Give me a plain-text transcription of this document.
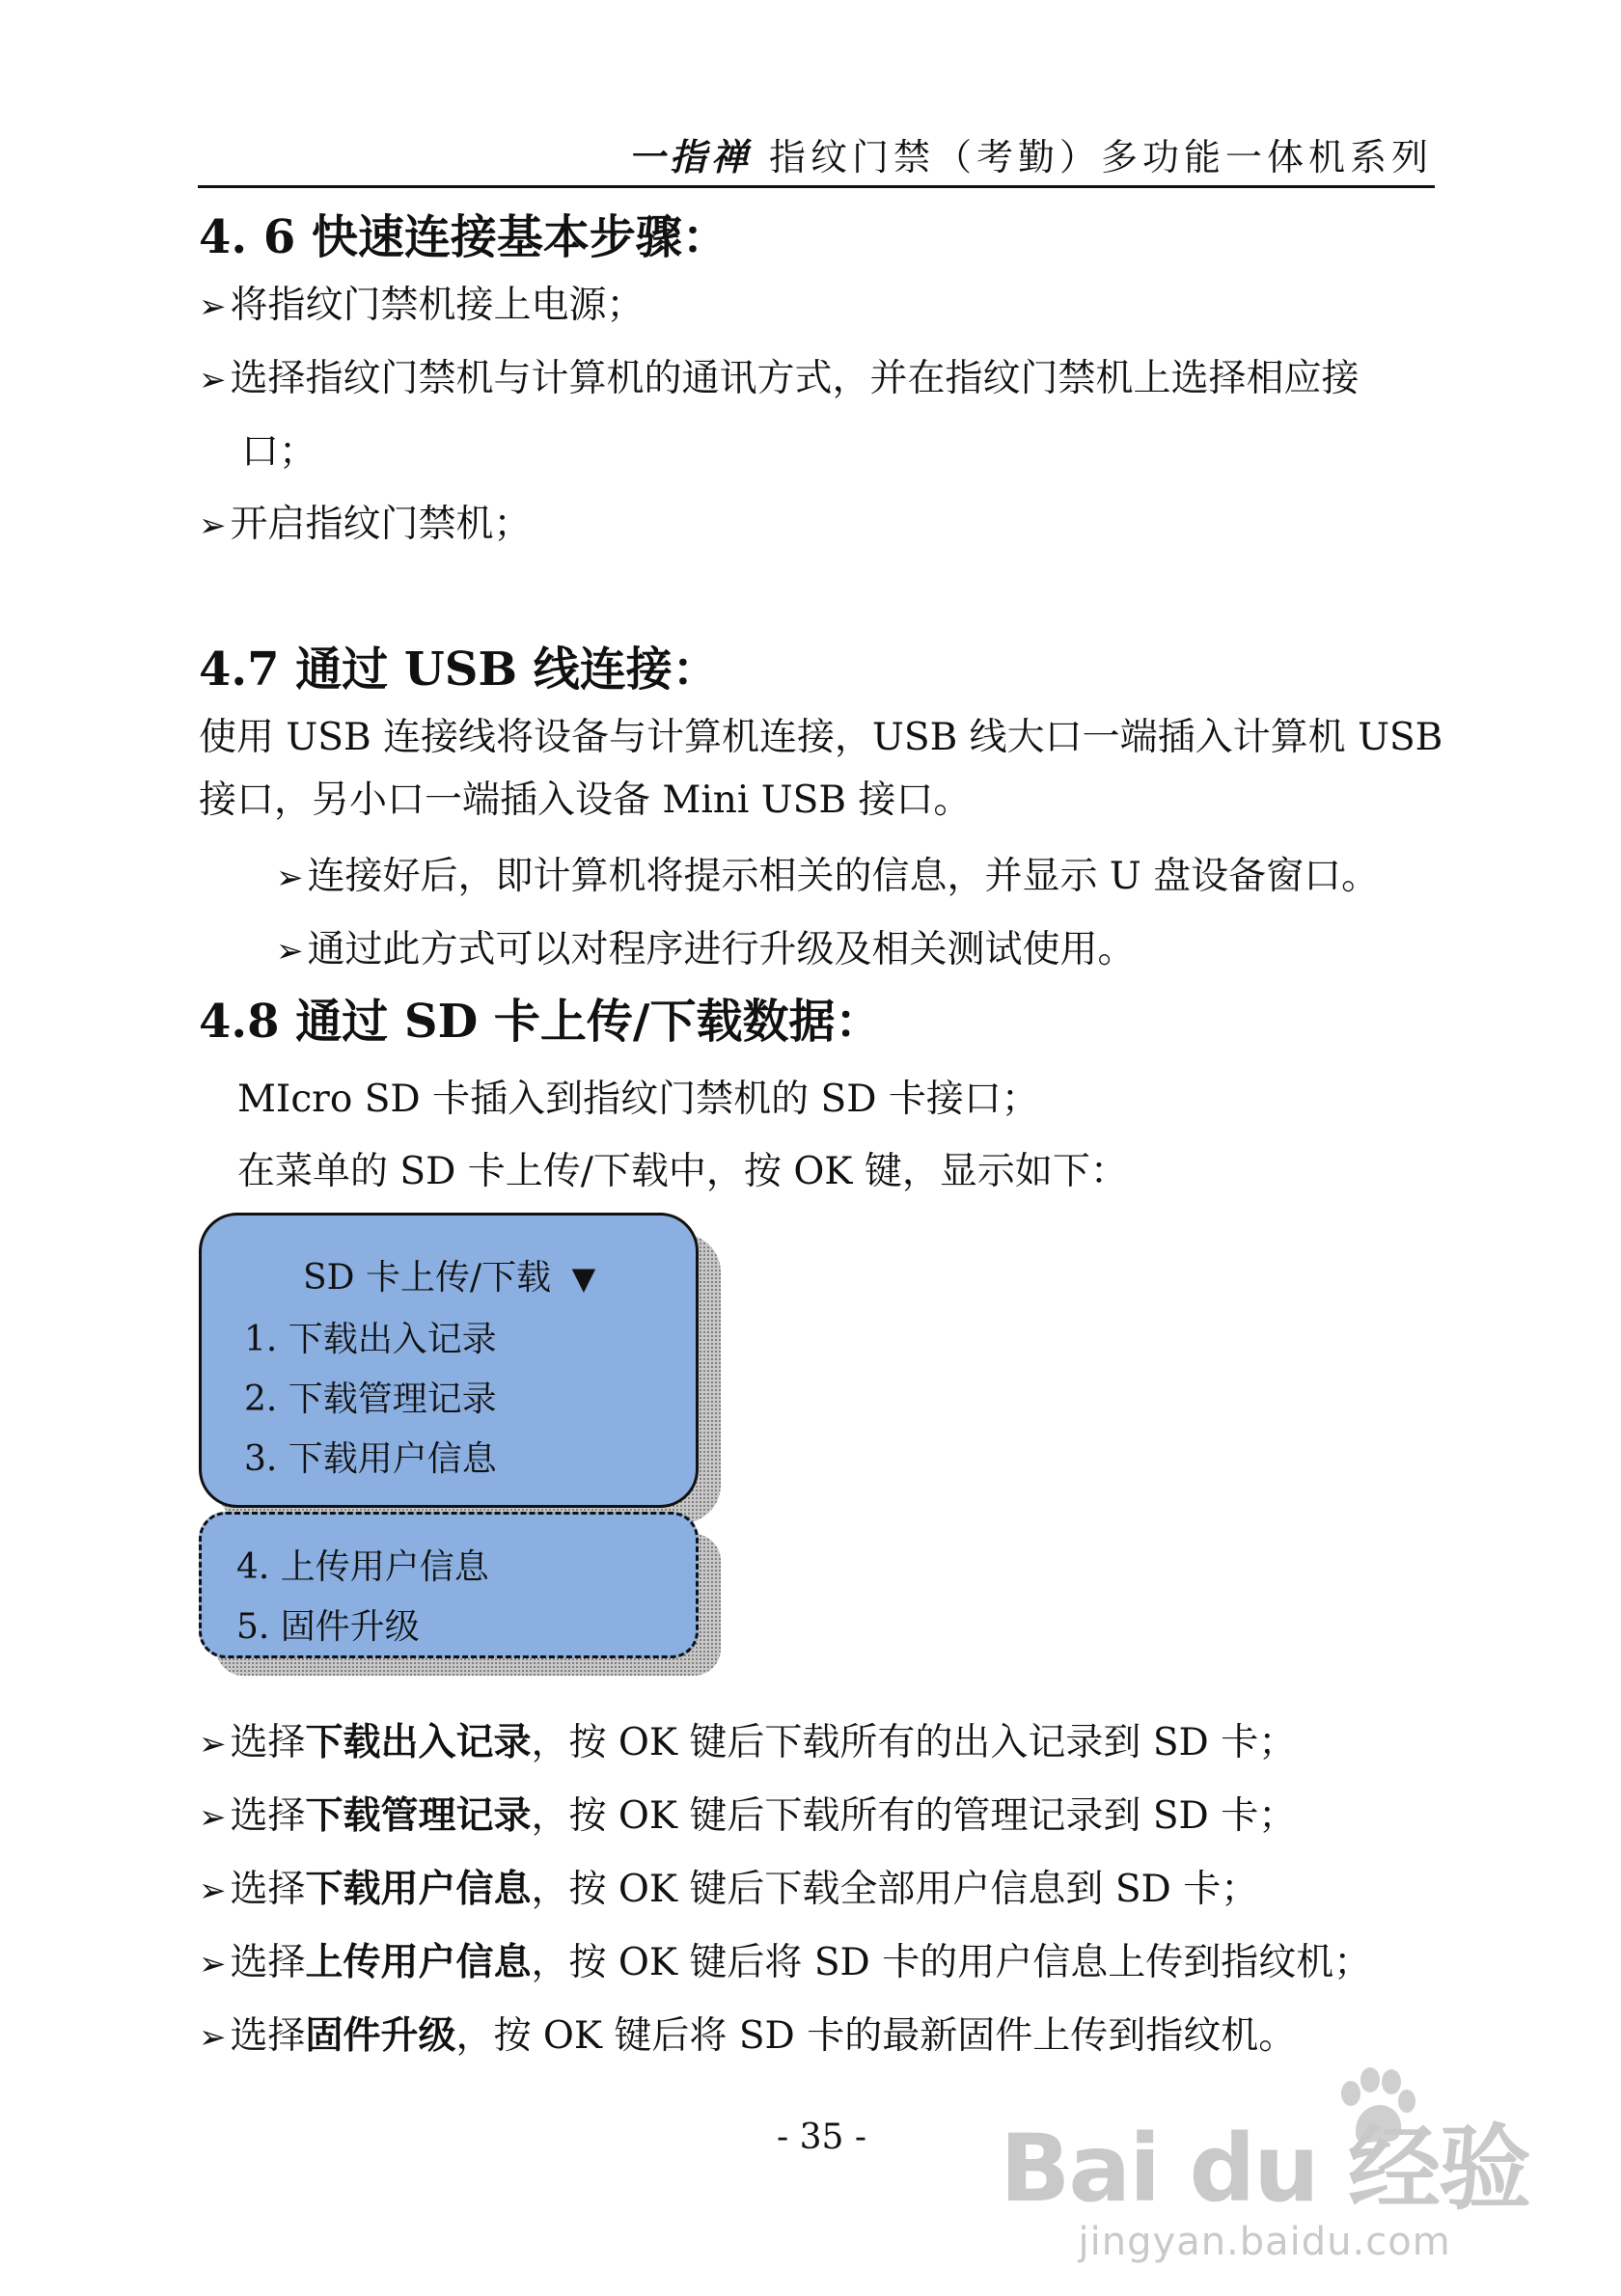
一指禅 指纹门禁（考勤）多功能一体机系列
4. 6 快速连接基本步骤：
➢ 将指纹门禁机接上电源；
➢ 选择指纹门禁机与计算机的通讯方式，并在指纹门禁机上选择相应接
口；
➢ 开启指纹门禁机；
4.7 通过 USB 线连接：
使用 USB 连接线将设备与计算机连接，USB 线大口一端插入计算机 USB
接口，另小口一端插入设备 Mini USB 接口。
➢ 连接好后，即计算机将提示相关的信息，并显示 U 盘设备窗口。
➢ 通过此方式可以对程序进行升级及相关测试使用。
4.8 通过 SD 卡上传/下载数据：
MIcro SD 卡插入到指纹门禁机的 SD 卡接口；
在菜单的 SD 卡上传/下载中，按 OK 键，显示如下：
SD 卡上传/下载 ▼
1. 下载出入记录
2. 下载管理记录
3. 下载用户信息
4. 上传用户信息
5. 固件升级
➢ 选择下载出入记录，按 OK 键后下载所有的出入记录到 SD 卡；
➢ 选择下载管理记录，按 OK 键后下载所有的管理记录到 SD 卡；
➢ 选择下载用户信息，按 OK 键后下载全部用户信息到 SD 卡；
➢ 选择上传用户信息，按 OK 键后将 SD 卡的用户信息上传到指纹机；
➢ 选择固件升级，按 OK 键后将 SD 卡的最新固件上传到指纹机。
- 35 - Bai du 经验
jingyan.baidu.com
